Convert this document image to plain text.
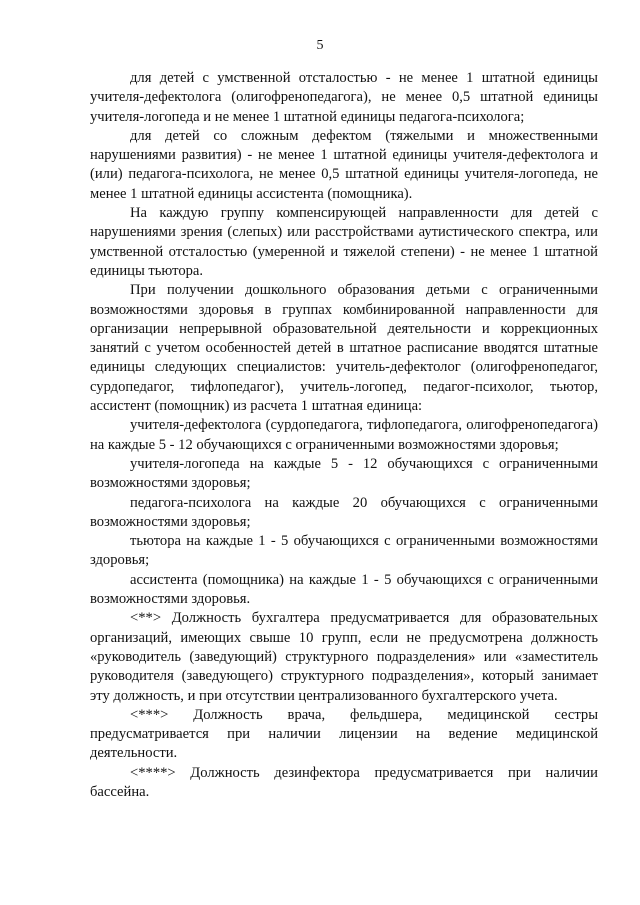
5

для детей с умственной отсталостью - не менее 1 штатной единицы учителя-дефектолога (олигофренопедагога), не менее 0,5 штатной единицы учителя-логопеда и не менее 1 штатной единицы педагога-психолога;

для детей со сложным дефектом (тяжелыми и множественными нарушениями развития) - не менее 1 штатной единицы учителя-дефектолога и (или) педагога-психолога, не менее 0,5 штатной единицы учителя-логопеда, не менее 1 штатной единицы ассистента (помощника).

На каждую группу компенсирующей направленности для детей с нарушениями зрения (слепых) или расстройствами аутистического спектра, или умственной отсталостью (умеренной и тяжелой степени) - не менее 1 штатной единицы тьютора.

При получении дошкольного образования детьми с ограниченными возможностями здоровья в группах комбинированной направленности для организации непрерывной образовательной деятельности и коррекционных занятий с учетом особенностей детей в штатное расписание вводятся штатные единицы следующих специалистов: учитель-дефектолог (олигофренопедагог, сурдопедагог, тифлопедагог), учитель-логопед, педагог-психолог, тьютор, ассистент (помощник) из расчета 1 штатная единица:

учителя-дефектолога (сурдопедагога, тифлопедагога, олигофренопедагога) на каждые 5 - 12 обучающихся с ограниченными возможностями здоровья;

учителя-логопеда на каждые 5 - 12 обучающихся с ограниченными возможностями здоровья;

педагога-психолога на каждые 20 обучающихся с ограниченными возможностями здоровья;

тьютора на каждые 1 - 5 обучающихся с ограниченными возможностями здоровья;

ассистента (помощника) на каждые 1 - 5 обучающихся с ограниченными возможностями здоровья.

<**> Должность бухгалтера предусматривается для образовательных организаций, имеющих свыше 10 групп, если не предусмотрена должность «руководитель (заведующий) структурного подразделения» или «заместитель руководителя (заведующего) структурного подразделения», который занимает эту должность, и при отсутствии централизованного бухгалтерского учета.

<***> Должность врача, фельдшера, медицинской сестры предусматривается при наличии лицензии на ведение медицинской деятельности.

<****> Должность дезинфектора предусматривается при наличии бассейна.
